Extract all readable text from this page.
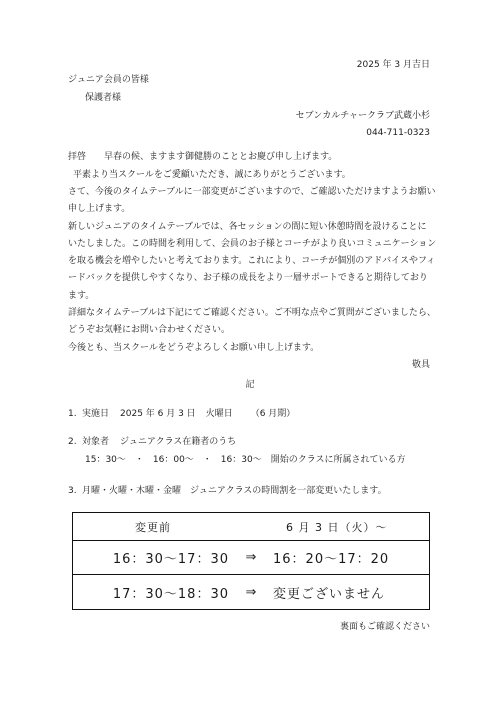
2025 年 3 月吉日
ジュニア会員の皆様
保護者様
セブンカルチャークラブ武蔵小杉
044-711-0323
拝啓　　早春の候、ますます御健勝のこととお慶び申し上げます。
平素より当スクールをご愛顧いただき、誠にありがとうございます。
さて、今後のタイムテーブルに一部変更がございますので、ご確認いただけますようお願い
申し上げます。
新しいジュニアのタイムテーブルでは、各セッションの間に短い休憩時間を設けることに
いたしました。この時間を利用して、会員のお子様とコーチがより良いコミュニケーション
を取る機会を増やしたいと考えております。これにより、コーチが個別のアドバイスやフィ
ードバックを提供しやすくなり、お子様の成長をより一層サポートできると期待しており
ます。
詳細なタイムテーブルは下記にてご確認ください。ご不明な点やご質問がございましたら、
どうぞお気軽にお問い合わせください。
今後とも、当スクールをどうぞよろしくお願い申し上げます。
敬具
記
1. 実施日 2025 年 6 月 3 日 火曜日 （6 月期）
2. 対象者 ジュニアクラス在籍者のうち
15：30～　・　16：00～　・　16：30～　開始のクラスに所属されている方
3. 月曜・火曜・木曜・金曜 ジュニアクラスの時間割を一部変更いたします。
変更前	6 月 3 日（火）～
16：30～17：30	⇒	16：20～17：20
17：30～18：30	⇒	変更ございません
裏面もご確認ください
